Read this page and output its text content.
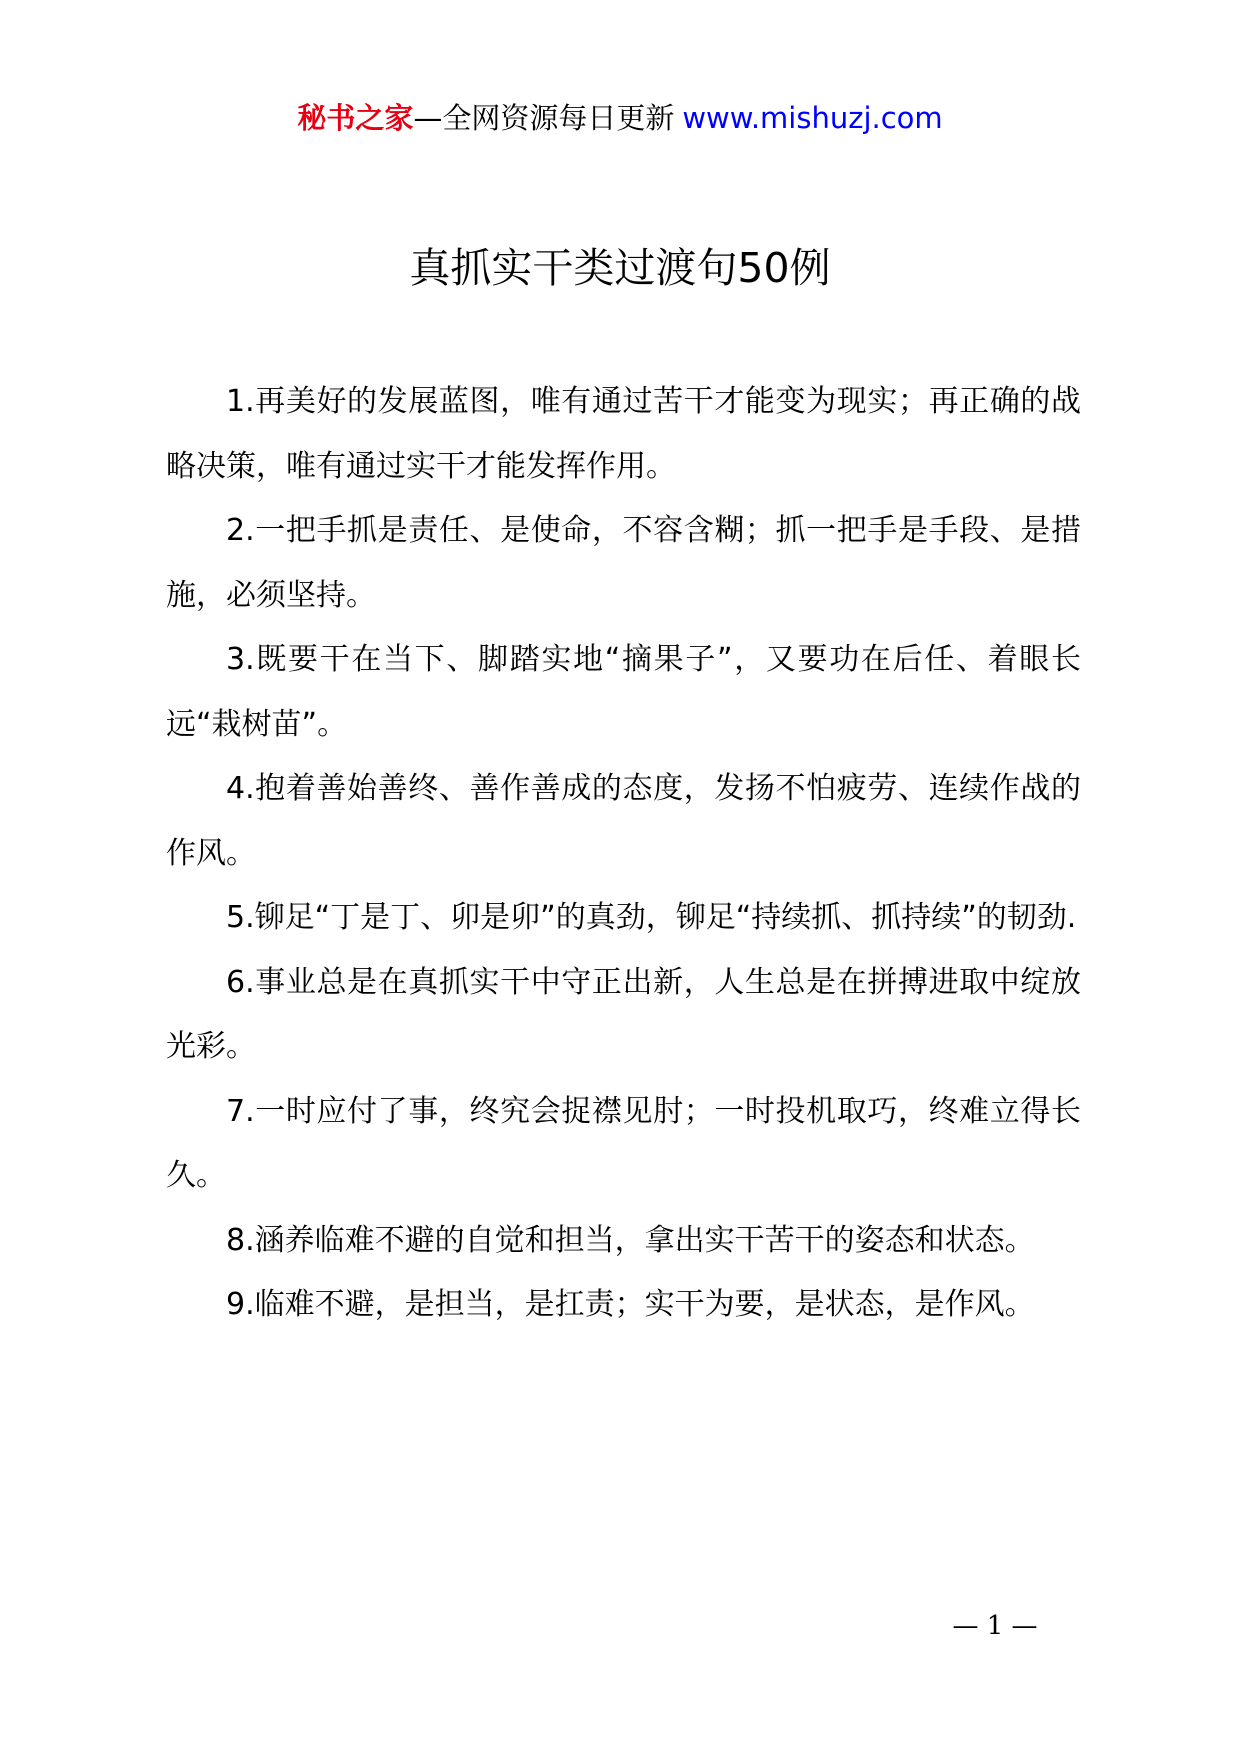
秘书之家—全网资源每日更新 www.mishuzj.com
真抓实干类过渡句50例

1.再美好的发展蓝图，唯有通过苦干才能变为现实；再正确的战略决策，唯有通过实干才能发挥作用。

2.一把手抓是责任、是使命，不容含糊；抓一把手是手段、是措施，必须坚持。

3.既要干在当下、脚踏实地“摘果子”，又要功在后任、着眼长远“栽树苗”。

4.抱着善始善终、善作善成的态度，发扬不怕疲劳、连续作战的作风。

5.铆足“丁是丁、卯是卯”的真劲，铆足“持续抓、抓持续”的韧劲.

6.事业总是在真抓实干中守正出新，人生总是在拼搏进取中绽放光彩。

7.一时应付了事，终究会捉襟见肘；一时投机取巧，终难立得长久。

8.涵养临难不避的自觉和担当，拿出实干苦干的姿态和状态。

9.临难不避，是担当，是扛责；实干为要，是状态，是作风。

— 1 —
